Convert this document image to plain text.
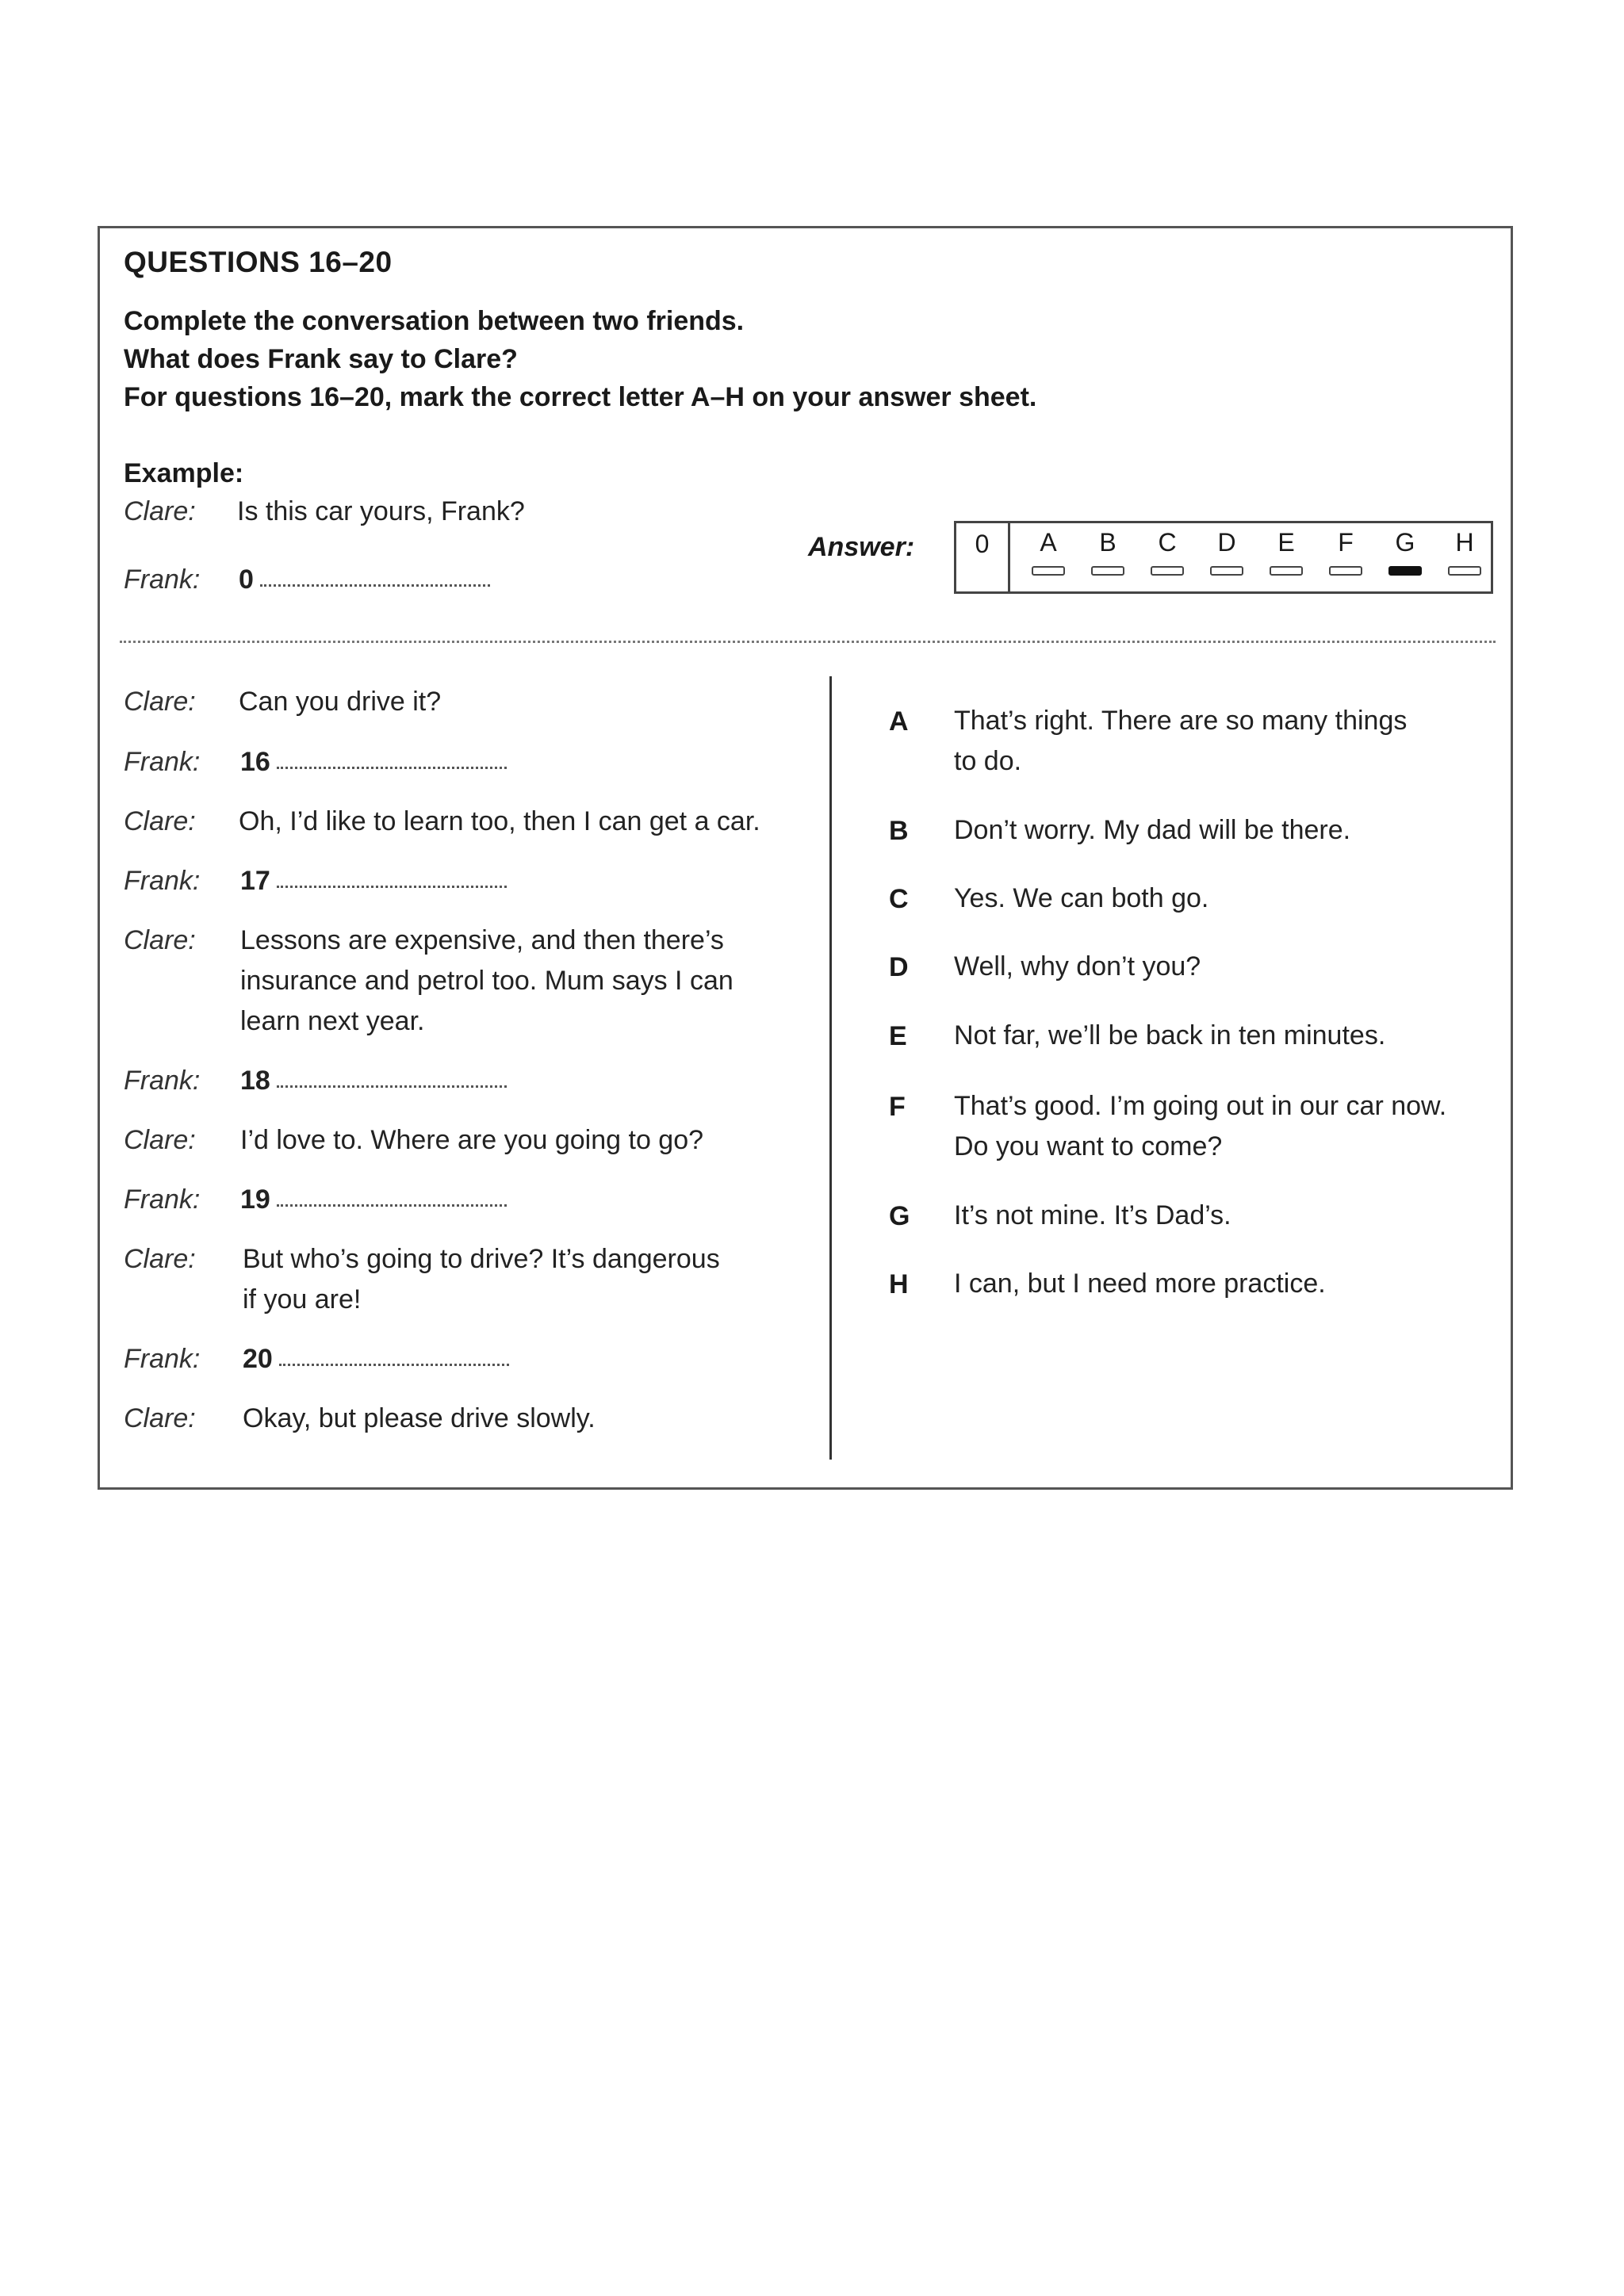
QUESTIONS 16–20
Complete the conversation between two friends.
What does Frank say to Clare?
For questions 16–20, mark the correct letter A–H on your answer sheet.
Example:
Clare: Is this car yours, Frank?
Frank: 0
Answer:	0	A	B	C	D	E	F	G	H
Clare: Can you drive it?
Frank: 16
Clare: Oh, I’d like to learn too, then I can get a car.
Frank: 17
Clare: Lessons are expensive, and then there’s
insurance and petrol too. Mum says I can
learn next year.
Frank: 18
Clare: I’d love to. Where are you going to go?
Frank: 19
Clare: But who’s going to drive? It’s dangerous
if you are!
Frank: 20
Clare: Okay, but please drive slowly.
A That’s right. There are so many things
to do.
B Don’t worry. My dad will be there.
C Yes. We can both go.
D Well, why don’t you?
E Not far, we’ll be back in ten minutes.
F That’s good. I’m going out in our car now.
Do you want to come?
G It’s not mine. It’s Dad’s.
H I can, but I need more practice.
